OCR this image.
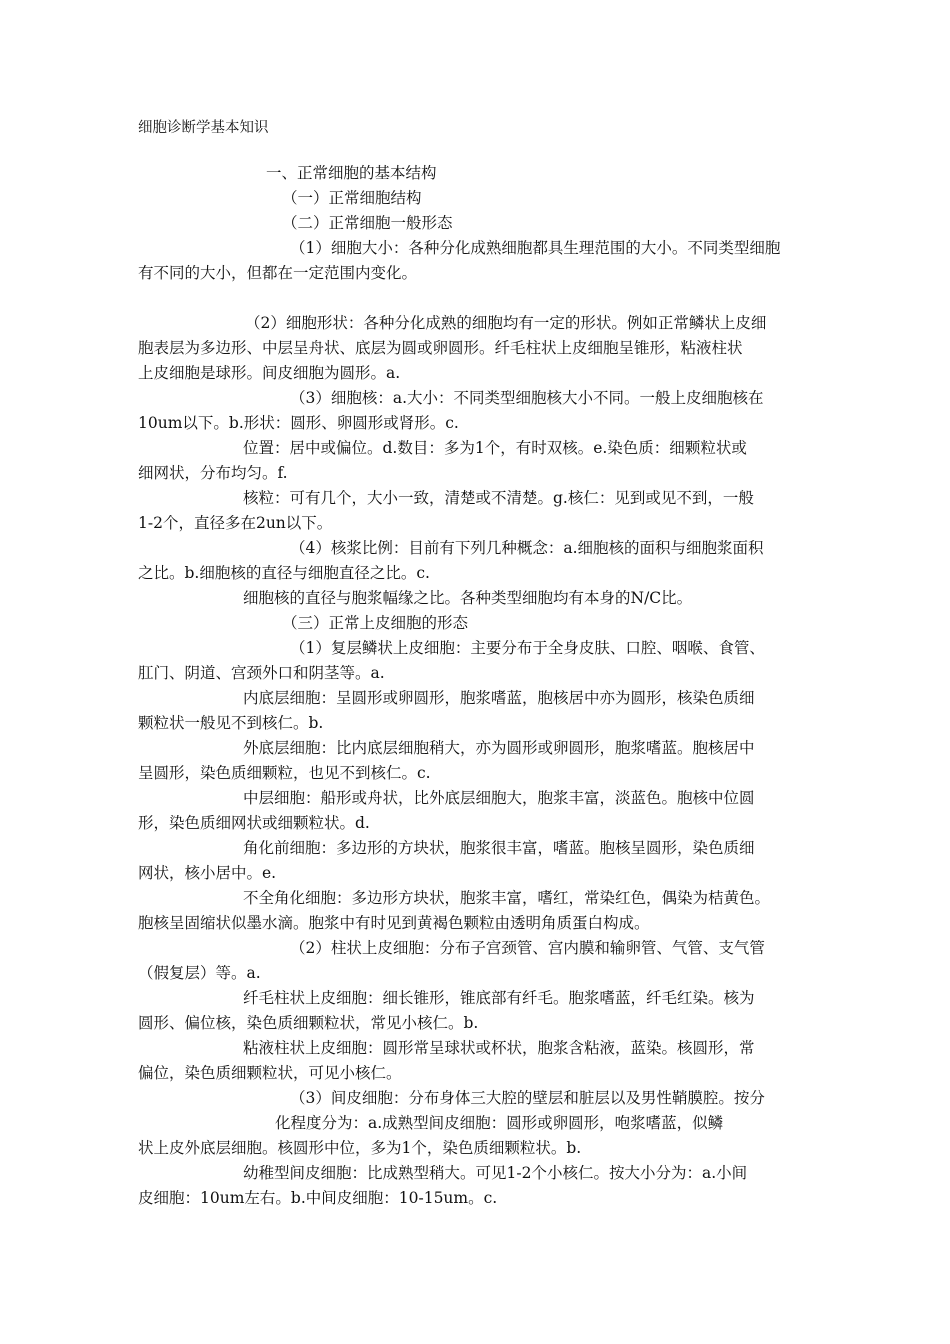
细胞诊断学基本知识
一、正常细胞的基本结构
（一）正常细胞结构
（二）正常细胞一般形态
（1）细胞大小：各种分化成熟细胞都具生理范围的大小。不同类型细胞
有不同的大小，但都在一定范围内变化。
（2）细胞形状：各种分化成熟的细胞均有一定的形状。例如正常鳞状上皮细
胞表层为多边形、中层呈舟状、底层为圆或卵圆形。纤毛柱状上皮细胞呈锥形，粘液柱状
上皮细胞是球形。间皮细胞为圆形。a.
（3）细胞核：a.大小：不同类型细胞核大小不同。一般上皮细胞核在
10um以下。b.形状：圆形、卵圆形或肾形。c.
位置：居中或偏位。d.数目：多为1个，有时双核。e.染色质：细颗粒状或
细网状，分布均匀。f.
核粒：可有几个，大小一致，清楚或不清楚。g.核仁：见到或见不到，一般
1-2个，直径多在2un以下。
（4）核浆比例：目前有下列几种概念：a.细胞核的面积与细胞浆面积
之比。b.细胞核的直径与细胞直径之比。c.
细胞核的直径与胞浆幅缘之比。各种类型细胞均有本身的N/C比。
（三）正常上皮细胞的形态
（1）复层鳞状上皮细胞：主要分布于全身皮肤、口腔、咽喉、食管、
肛门、阴道、宫颈外口和阴茎等。a.
内底层细胞：呈圆形或卵圆形，胞浆嗜蓝，胞核居中亦为圆形，核染色质细
颗粒状一般见不到核仁。b.
外底层细胞：比内底层细胞稍大，亦为圆形或卵圆形，胞浆嗜蓝。胞核居中
呈圆形，染色质细颗粒，也见不到核仁。c.
中层细胞：船形或舟状，比外底层细胞大，胞浆丰富，淡蓝色。胞核中位圆
形，染色质细网状或细颗粒状。d.
角化前细胞：多边形的方块状，胞浆很丰富，嗜蓝。胞核呈圆形，染色质细
网状，核小居中。e.
不全角化细胞：多边形方块状，胞浆丰富，嗜红，常染红色，偶染为桔黄色。
胞核呈固缩状似墨水滴。胞浆中有时见到黄褐色颗粒由透明角质蛋白构成。
（2）柱状上皮细胞：分布子宫颈管、宫内膜和输卵管、气管、支气管
（假复层）等。a.
纤毛柱状上皮细胞：细长锥形，锥底部有纤毛。胞浆嗜蓝，纤毛红染。核为
圆形、偏位核，染色质细颗粒状，常见小核仁。b.
粘液柱状上皮细胞：圆形常呈球状或杯状，胞浆含粘液，蓝染。核圆形，常
偏位，染色质细颗粒状，可见小核仁。
（3）间皮细胞：分布身体三大腔的壁层和脏层以及男性鞘膜腔。按分
化程度分为：a.成熟型间皮细胞：圆形或卵圆形，咆浆嗜蓝，似鳞
状上皮外底层细胞。核圆形中位，多为1个，染色质细颗粒状。b.
幼稚型间皮细胞：比成熟型稍大。可见1-2个小核仁。按大小分为：a.小间
皮细胞：10um左右。b.中间皮细胞：10-15um。c.
